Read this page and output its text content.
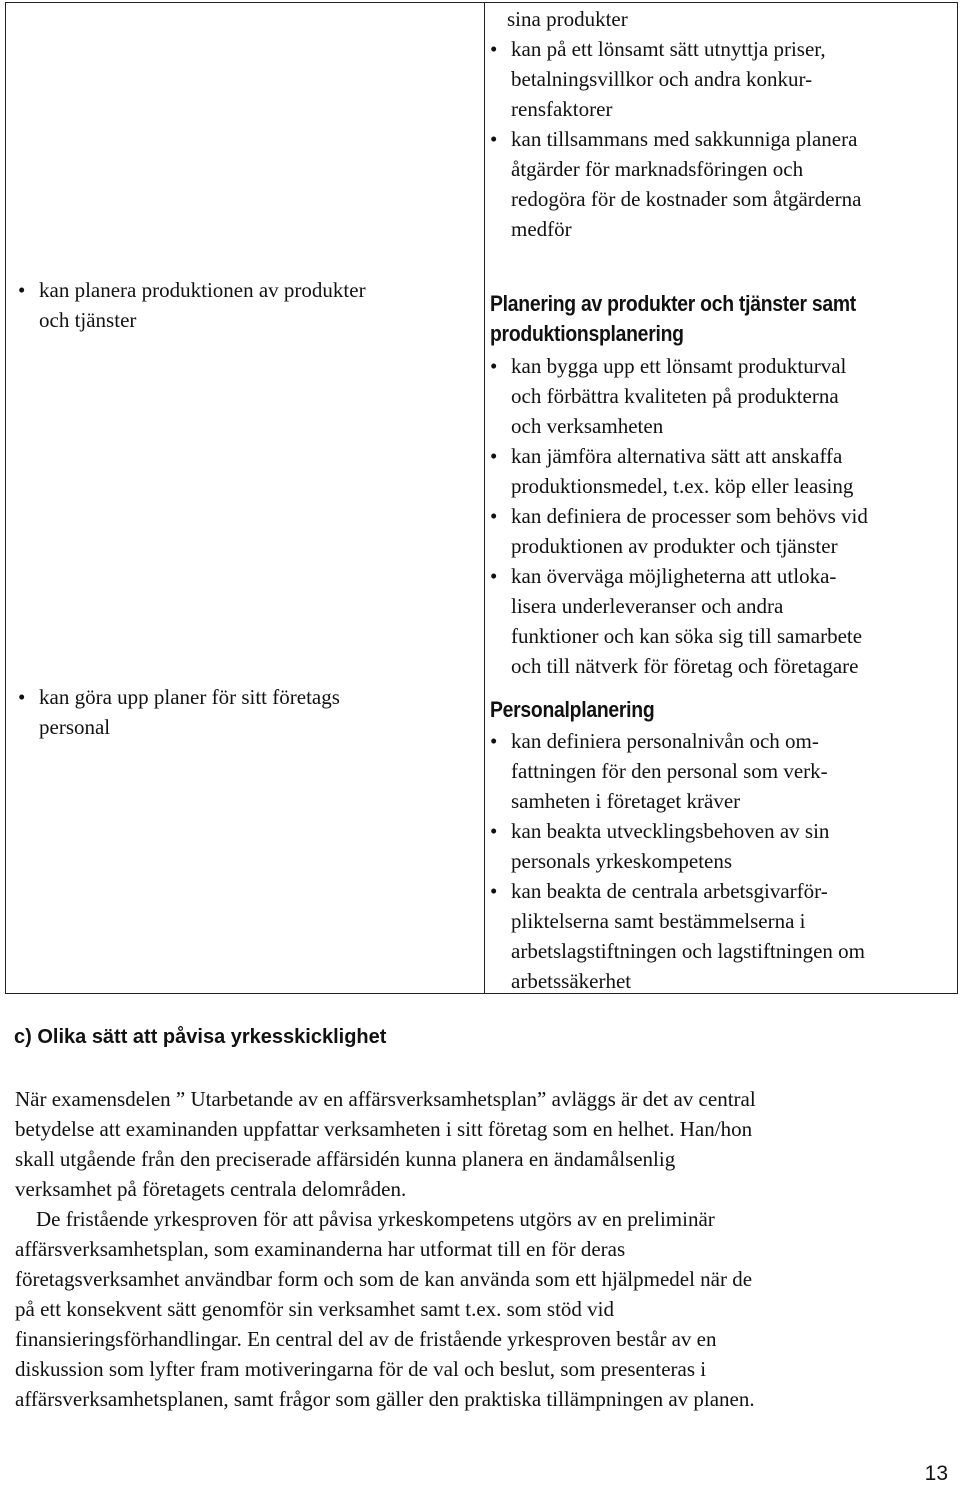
• kan planera produktionen av produkter
och tjänster
• kan göra upp planer för sitt företags
personal
sina produkter
• kan på ett lönsamt sätt utnyttja priser,
betalningsvillkor och andra konkur-
rensfaktorer
• kan tillsammans med sakkunniga planera
åtgärder för marknadsföringen och
redogöra för de kostnader som åtgärderna
medför
Planering av produkter och tjänster samt
produktionsplanering
• kan bygga upp ett lönsamt produkturval
och förbättra kvaliteten på produkterna
och verksamheten
• kan jämföra alternativa sätt att anskaffa
produktionsmedel, t.ex. köp eller leasing
• kan definiera de processer som behövs vid
produktionen av produkter och tjänster
• kan överväga möjligheterna att utloka-
lisera underleveranser och andra
funktioner och kan söka sig till samarbete
och till nätverk för företag och företagare
Personalplanering
• kan definiera personalnivån och om-
fattningen för den personal som verk-
samheten i företaget kräver
• kan beakta utvecklingsbehoven av sin
personals yrkeskompetens
• kan beakta de centrala arbetsgivarför-
pliktelserna samt bestämmelserna i
arbetslagstiftningen och lagstiftningen om
arbetssäkerhet
c) Olika sätt att påvisa yrkesskicklighet
När examensdelen ” Utarbetande av en affärsverksamhetsplan” avläggs är det av central
betydelse att examinanden uppfattar verksamheten i sitt företag som en helhet. Han/hon
skall utgående från den preciserade affärsidén kunna planera en ändamålsenlig
verksamhet på företagets centrala delområden.
De fristående yrkesproven för att påvisa yrkeskompetens utgörs av en preliminär
affärsverksamhetsplan, som examinanderna har utformat till en för deras
företagsverksamhet användbar form och som de kan använda som ett hjälpmedel när de
på ett konsekvent sätt genomför sin verksamhet samt t.ex. som stöd vid
finansieringsförhandlingar. En central del av de fristående yrkesproven består av en
diskussion som lyfter fram motiveringarna för de val och beslut, som presenteras i
affärsverksamhetsplanen, samt frågor som gäller den praktiska tillämpningen av planen.
13
